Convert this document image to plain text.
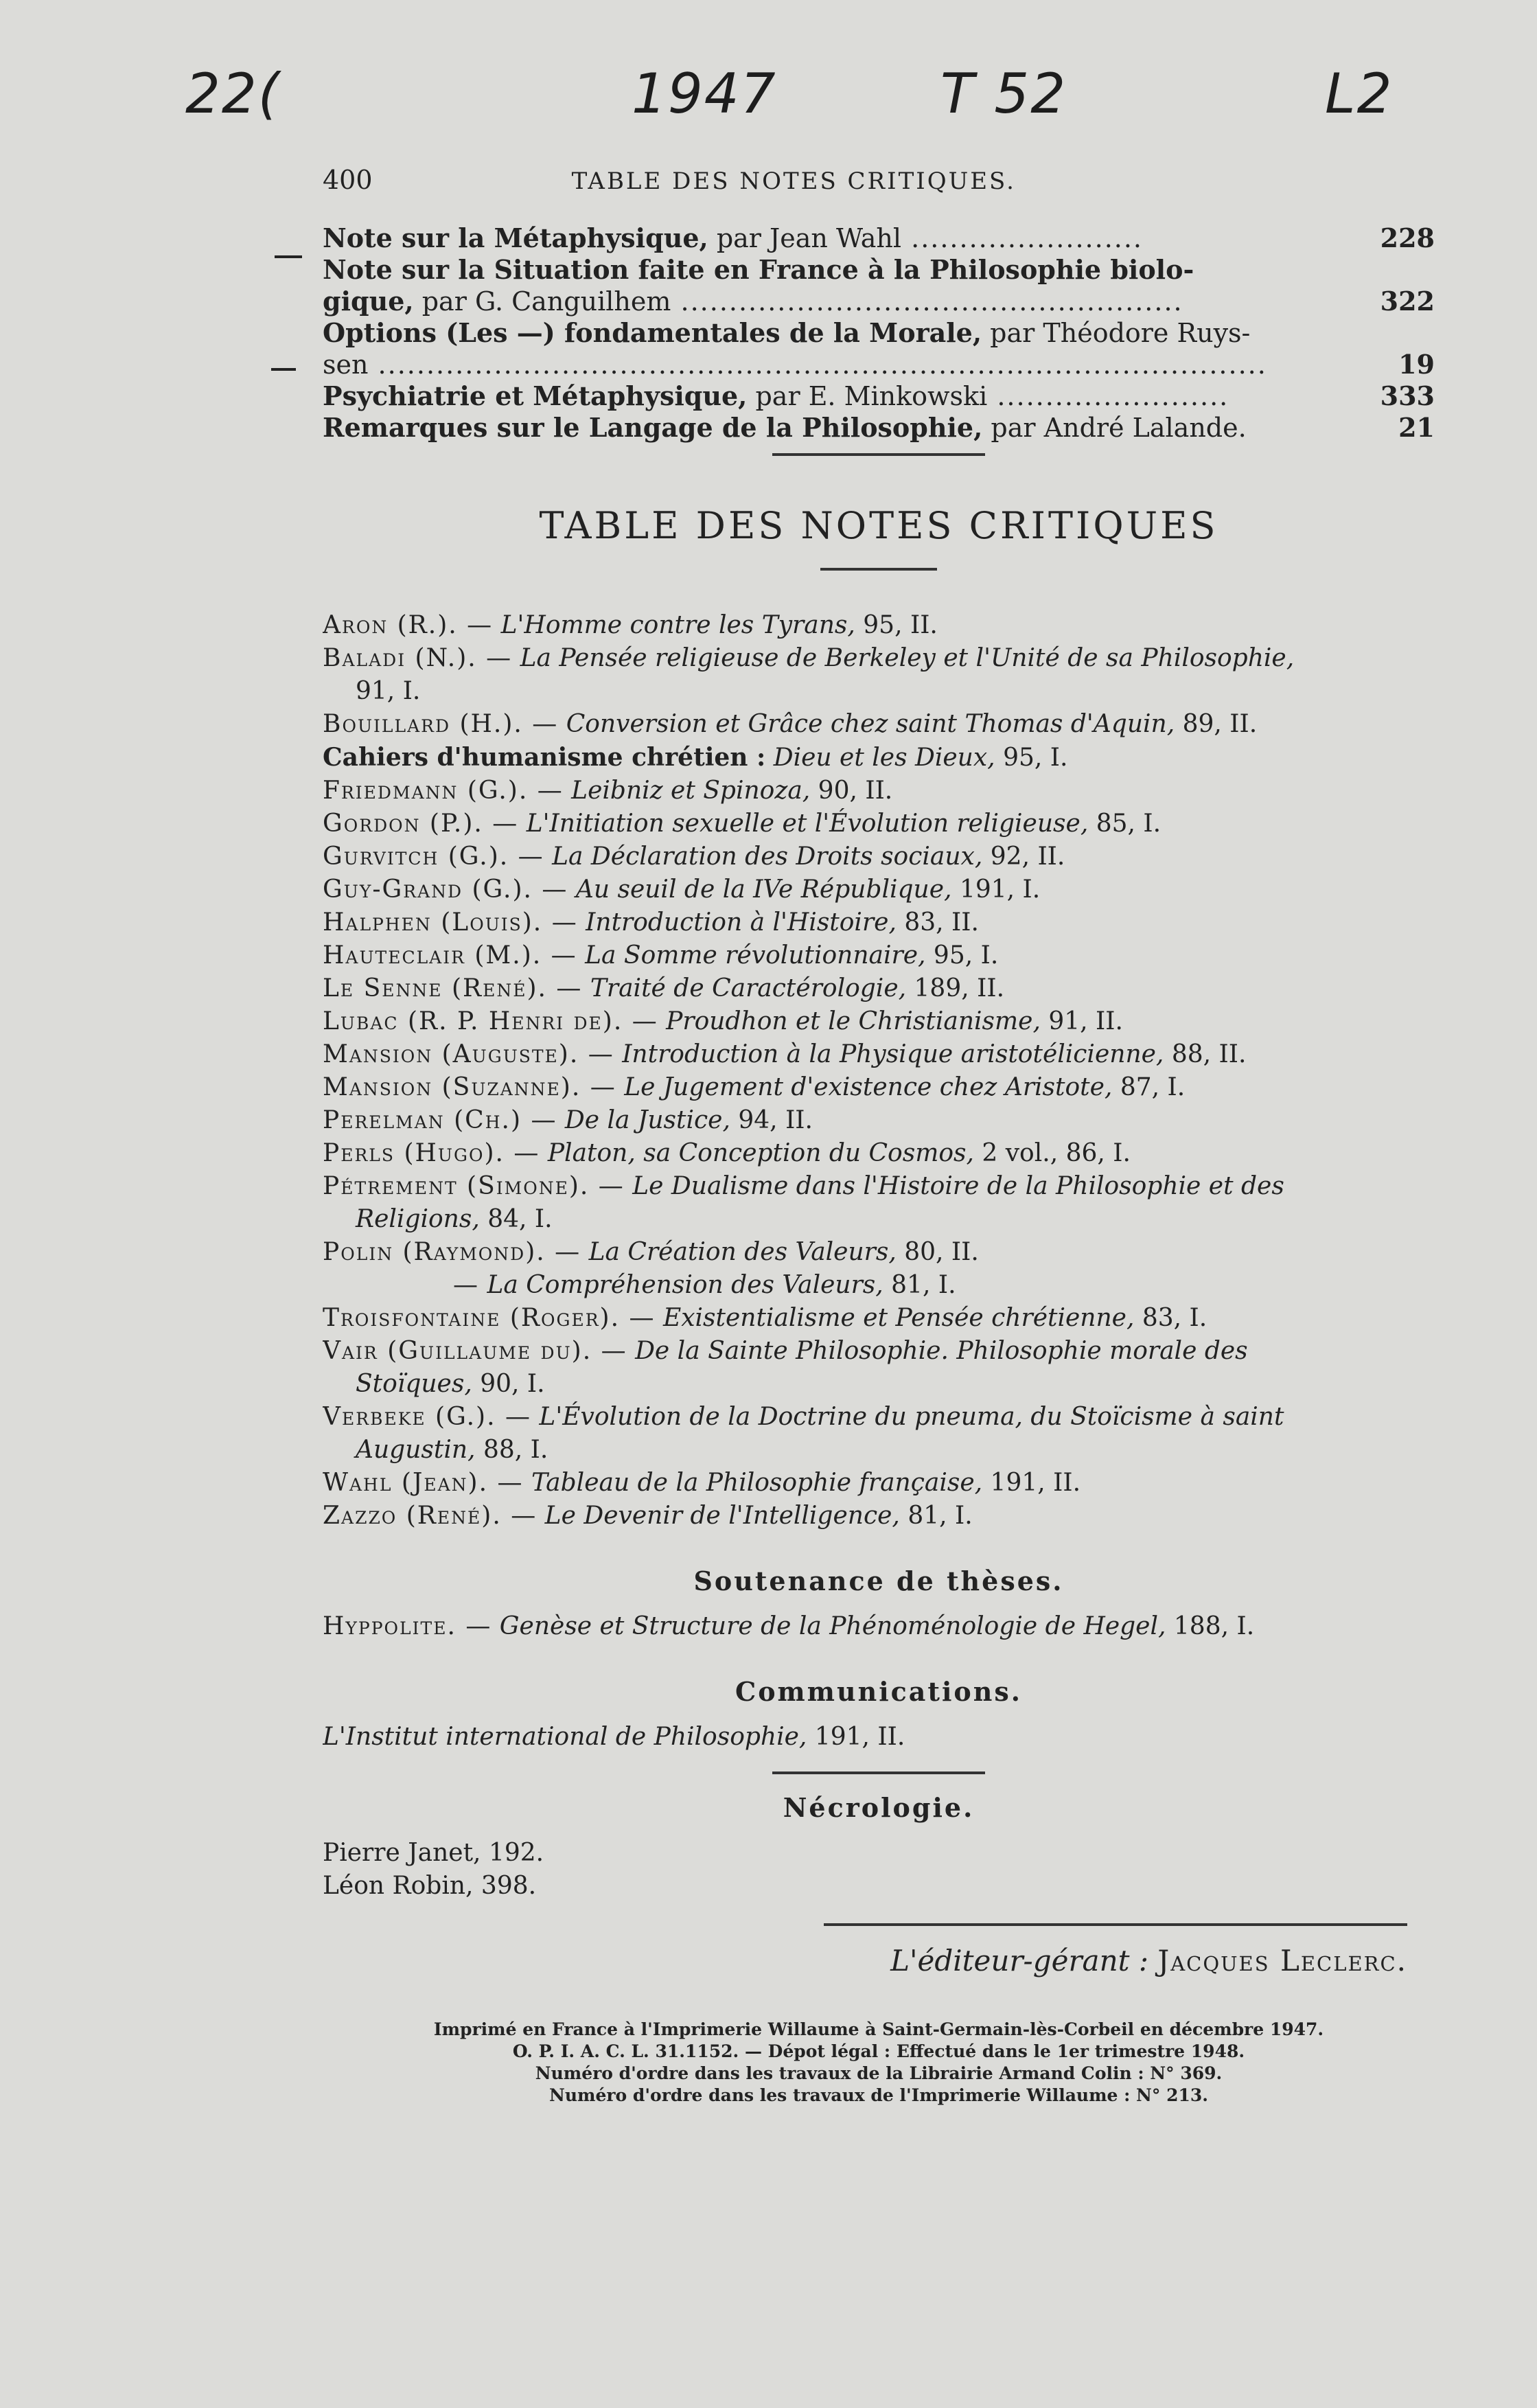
22(	1947	T 52	L2
400	TABLE DES NOTES CRITIQUES.
Note sur la Métaphysique, par Jean Wahl ........................	228
Note sur la Situation faite en France à la Philosophie biolo-
gique, par G. Canguilhem ....................................................	322
Options (Les —) fondamentales de la Morale, par Théodore Ruys-
sen ............................................................................................	19
Psychiatrie et Métaphysique, par E. Minkowski ........................	333
Remarques sur le Langage de la Philosophie, par André Lalande.	21
TABLE DES NOTES CRITIQUES
Aron (R.). — L'Homme contre les Tyrans, 95, II.
Baladi (N.). — La Pensée religieuse de Berkeley et l'Unité de sa Philosophie,
91, I.
Bouillard (H.). — Conversion et Grâce chez saint Thomas d'Aquin, 89, II.
Cahiers d'humanisme chrétien : Dieu et les Dieux, 95, I.
Friedmann (G.). — Leibniz et Spinoza, 90, II.
Gordon (P.). — L'Initiation sexuelle et l'Évolution religieuse, 85, I.
Gurvitch (G.). — La Déclaration des Droits sociaux, 92, II.
Guy-Grand (G.). — Au seuil de la IVe République, 191, I.
Halphen (Louis). — Introduction à l'Histoire, 83, II.
Hautеclair (M.). — La Somme révolutionnaire, 95, I.
Le Senne (René). — Traité de Caractérologie, 189, II.
Lubac (R. P. Henri de). — Proudhon et le Christianisme, 91, II.
Mansion (Auguste). — Introduction à la Physique aristotélicienne, 88, II.
Mansion (Suzanne). — Le Jugement d'existence chez Aristote, 87, I.
Perelman (Ch.) — De la Justice, 94, II.
Perls (Hugo). — Platon, sa Conception du Cosmos, 2 vol., 86, I.
Pétrement (Simone). — Le Dualisme dans l'Histoire de la Philosophie et des
Religions, 84, I.
Polin (Raymond). — La Création des Valeurs, 80, II.
— La Compréhension des Valeurs, 81, I.
Troisfontaine (Roger). — Existentialisme et Pensée chrétienne, 83, I.
Vair (Guillaume du). — De la Sainte Philosophie. Philosophie morale des
Stoïques, 90, I.
Verbeke (G.). — L'Évolution de la Doctrine du pneuma, du Stoïcisme à saint
Augustin, 88, I.
Wahl (Jean). — Tableau de la Philosophie française, 191, II.
Zazzo (René). — Le Devenir de l'Intelligence, 81, I.
Soutenance de thèses.
Hyppolite. — Genèse et Structure de la Phénoménologie de Hegel, 188, I.
Communications.
L'Institut international de Philosophie, 191, II.
Nécrologie.
Pierre Janet, 192.
Léon Robin, 398.
L'éditeur-gérant : Jacques Leclerc.
Imprimé en France à l'Imprimerie Willaume à Saint-Germain-lès-Corbeil en décembre 1947.
O. P. I. A. C. L. 31.1152. — Dépot légal : Effectué dans le 1er trimestre 1948.
Numéro d'ordre dans les travaux de la Librairie Armand Colin : N° 369.
Numéro d'ordre dans les travaux de l'Imprimerie Willaume : N° 213.
